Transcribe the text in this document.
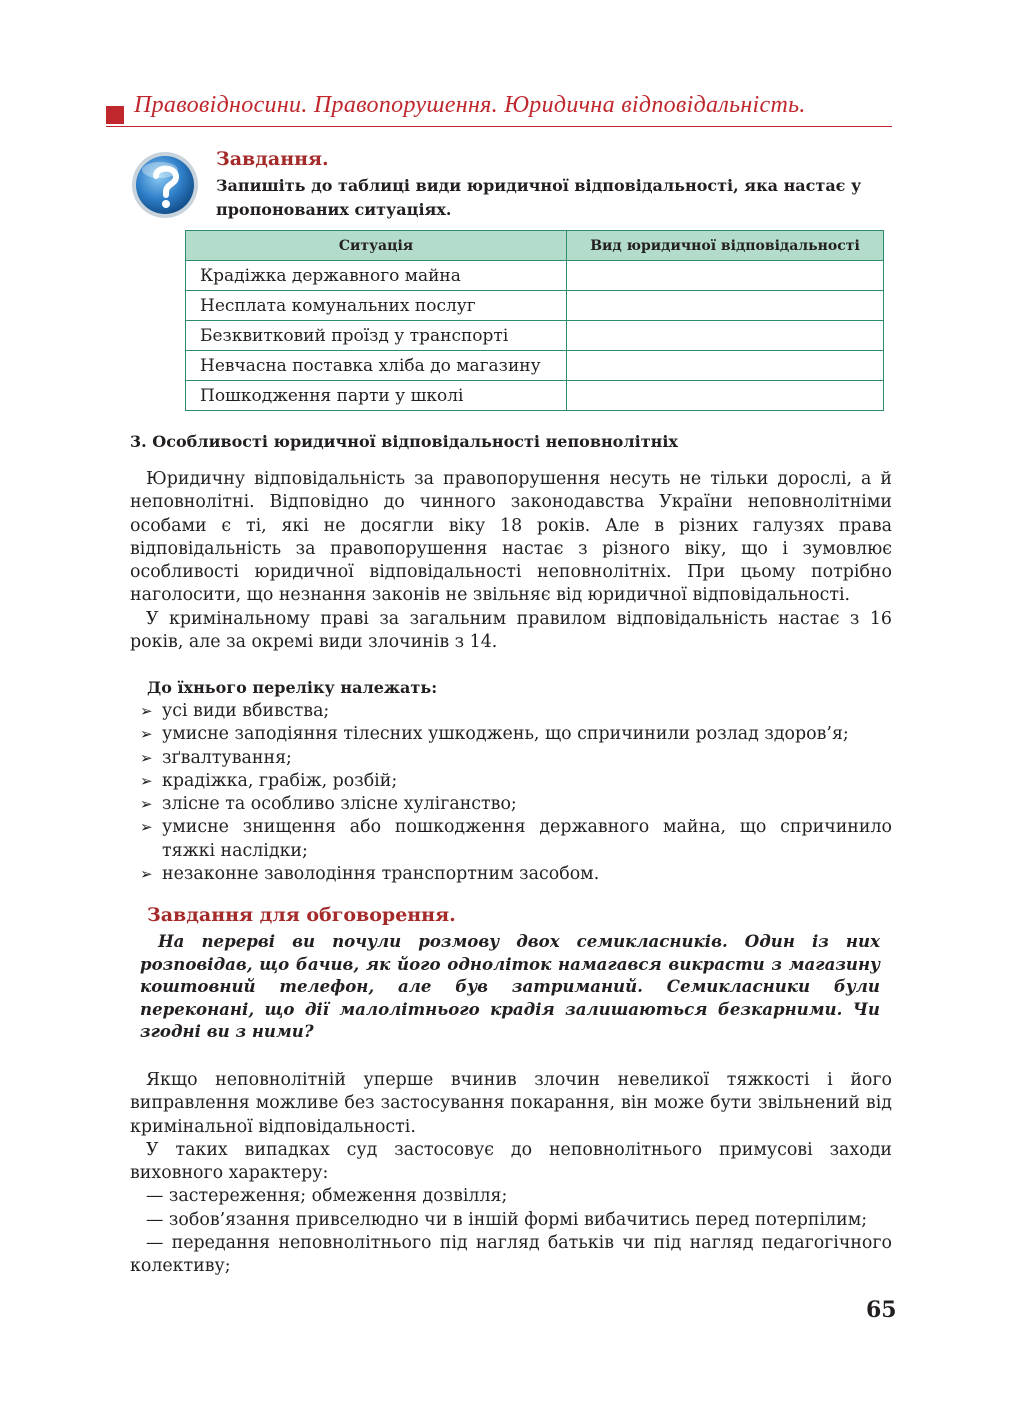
Правовідносини. Правопорушення. Юридична відповідальність.
Завдання.
Запишіть до таблиці види юридичної відповідальності, яка настає у пропонованих ситуаціях.
Ситуація	Вид юридичної відповідальності
Крадіжка державного майна	
Несплата комунальних послуг	
Безквитковий проїзд у транспорті	
Невчасна поставка хліба до магазину	
Пошкодження парти у школі	
3. Особливості юридичної відповідальності неповнолітніх

Юридичну відповідальність за правопорушення несуть не тільки дорослі, а й неповнолітні. Відповідно до чинного законодавства України неповнолітніми особами є ті, які не досягли віку 18 років. Але в різних галузях права відповідальність за правопорушення настає з різного віку, що і зумовлює особливості юридичної відповідальності неповнолітніх. При цьому потрібно наголосити, що незнання законів не звільняє від юридичної відповідальності.

У кримінальному праві за загальним правилом відповідальність настає з 16 років, але за окремі види злочинів з 14.

До їхнього переліку належать:
➢ усі види вбивства;
➢ умисне заподіяння тілесних ушкоджень, що спричинили розлад здоров’я;
➢ зґвалтування;
➢ крадіжка, грабіж, розбій;
➢ злісне та особливо злісне хуліганство;
➢ умисне знищення або пошкодження державного майна, що спричинило тяжкі наслідки;
➢ незаконне заволодіння транспортним засобом.
Завдання для обговорення.
На перерві ви почули розмову двох семикласників. Один із них розповідав, що бачив, як його одноліток намагався викрасти з магазину коштовний телефон, але був затриманий. Семикласники були переконані, що дії малолітнього крадія залишаються безкарними. Чи згодні ви з ними?

Якщо неповнолітній уперше вчинив злочин невеликої тяжкості і його виправлення можливе без застосування покарання, він може бути звільнений від кримінальної відповідальності.

У таких випадках суд застосовує до неповнолітнього примусові заходи виховного характеру:

— застереження; обмеження дозвілля;

— зобов’язання привселюдно чи в іншій формі вибачитись перед потерпілим;

— передання неповнолітнього під нагляд батьків чи під нагляд педагогічного колективу;

65
